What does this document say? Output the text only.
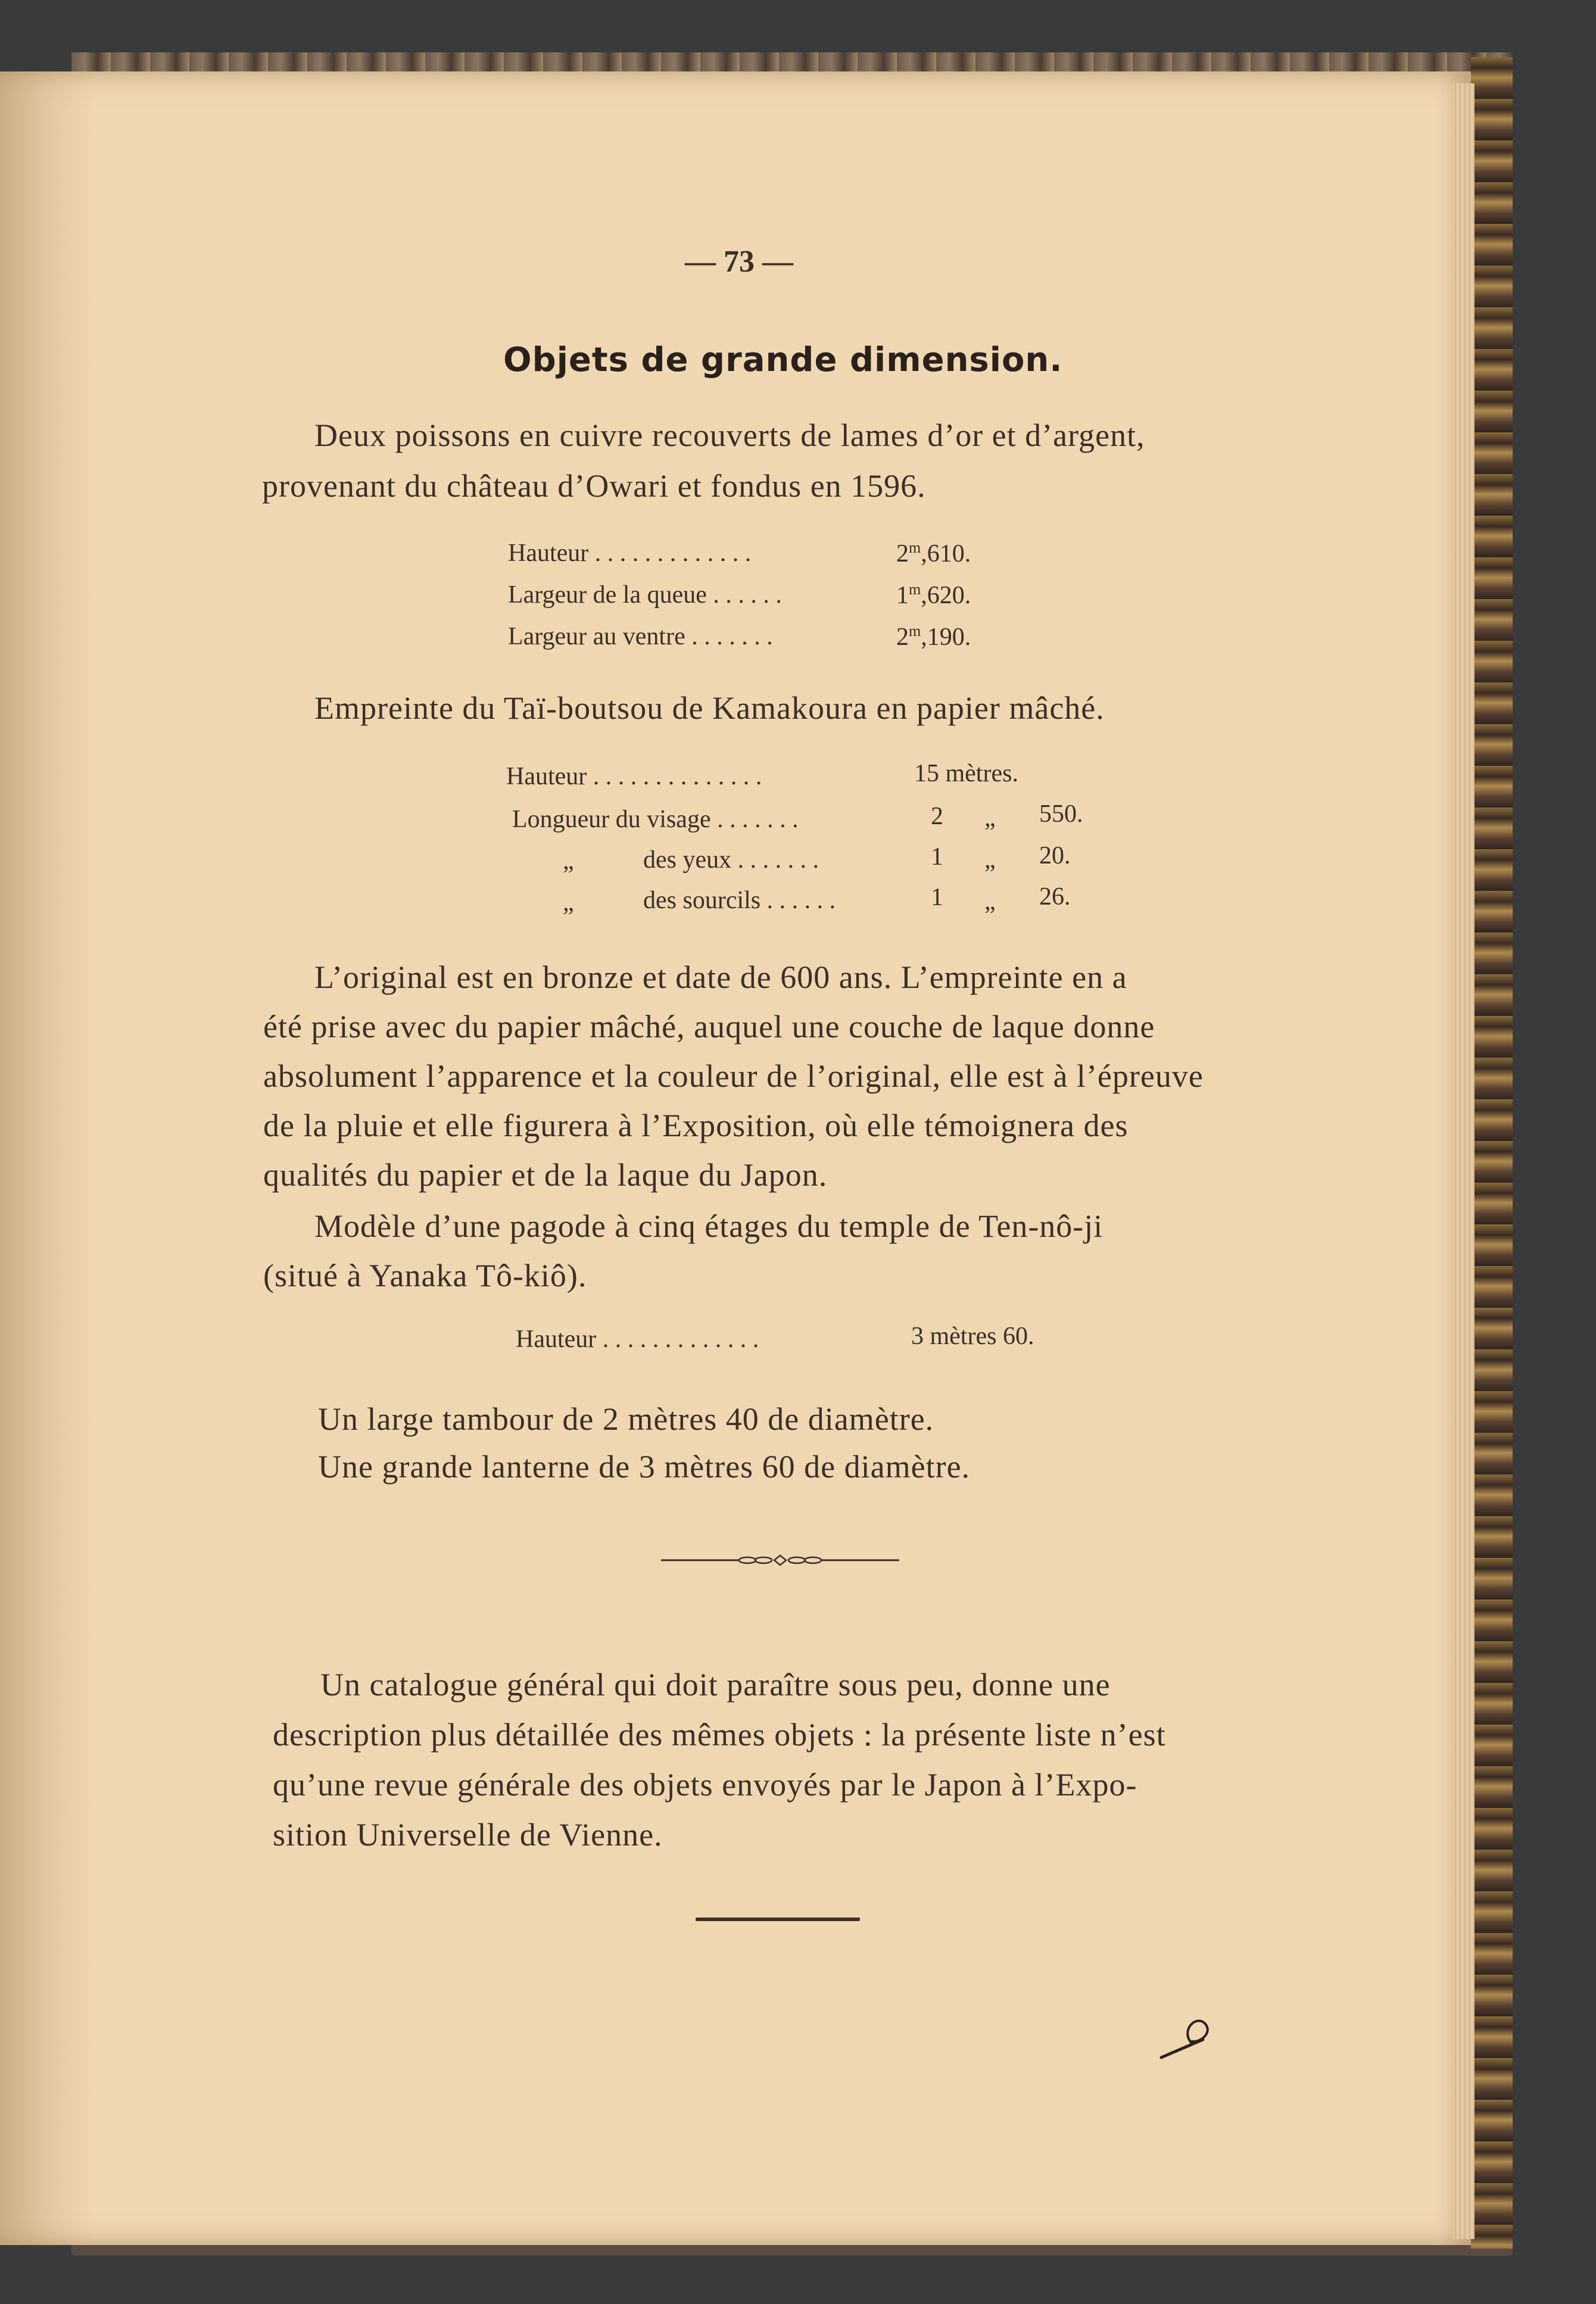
— 73 —
Objets de grande dimension.
Deux poissons en cuivre recouverts de lames d’or et d’argent,
provenant du château d’Owari et fondus en 1596.
Hauteur . . . . . . . . . . . . .	2$^m$,610.
Largeur de la queue . . . . . .	1$^m$,620.
Largeur au ventre . . . . . . .	2$^m$,190.
Empreinte du Taï-boutsou de Kamakoura en papier mâché.
Hauteur . . . . . . . . . . . . . .	15 mètres.
Longueur du visage . . . . . . .	2 „ 550.
„	des yeux . . . . . . .	1 „ 20.
„	des sourcils . . . . . .	1 „ 26.
L’original est en bronze et date de 600 ans. L’empreinte en a
été prise avec du papier mâché, auquel une couche de laque donne
absolument l’apparence et la couleur de l’original, elle est à l’épreuve
de la pluie et elle figurera à l’Exposition, où elle témoignera des
qualités du papier et de la laque du Japon.
Modèle d’une pagode à cinq étages du temple de Ten-nô-ji
(situé à Yanaka Tô-kiô).
Hauteur . . . . . . . . . . . . .	3 mètres 60.
Un large tambour de 2 mètres 40 de diamètre.
Une grande lanterne de 3 mètres 60 de diamètre.
Un catalogue général qui doit paraître sous peu, donne une
description plus détaillée des mêmes objets : la présente liste n’est
qu’une revue générale des objets envoyés par le Japon à l’Expo-
sition Universelle de Vienne.
